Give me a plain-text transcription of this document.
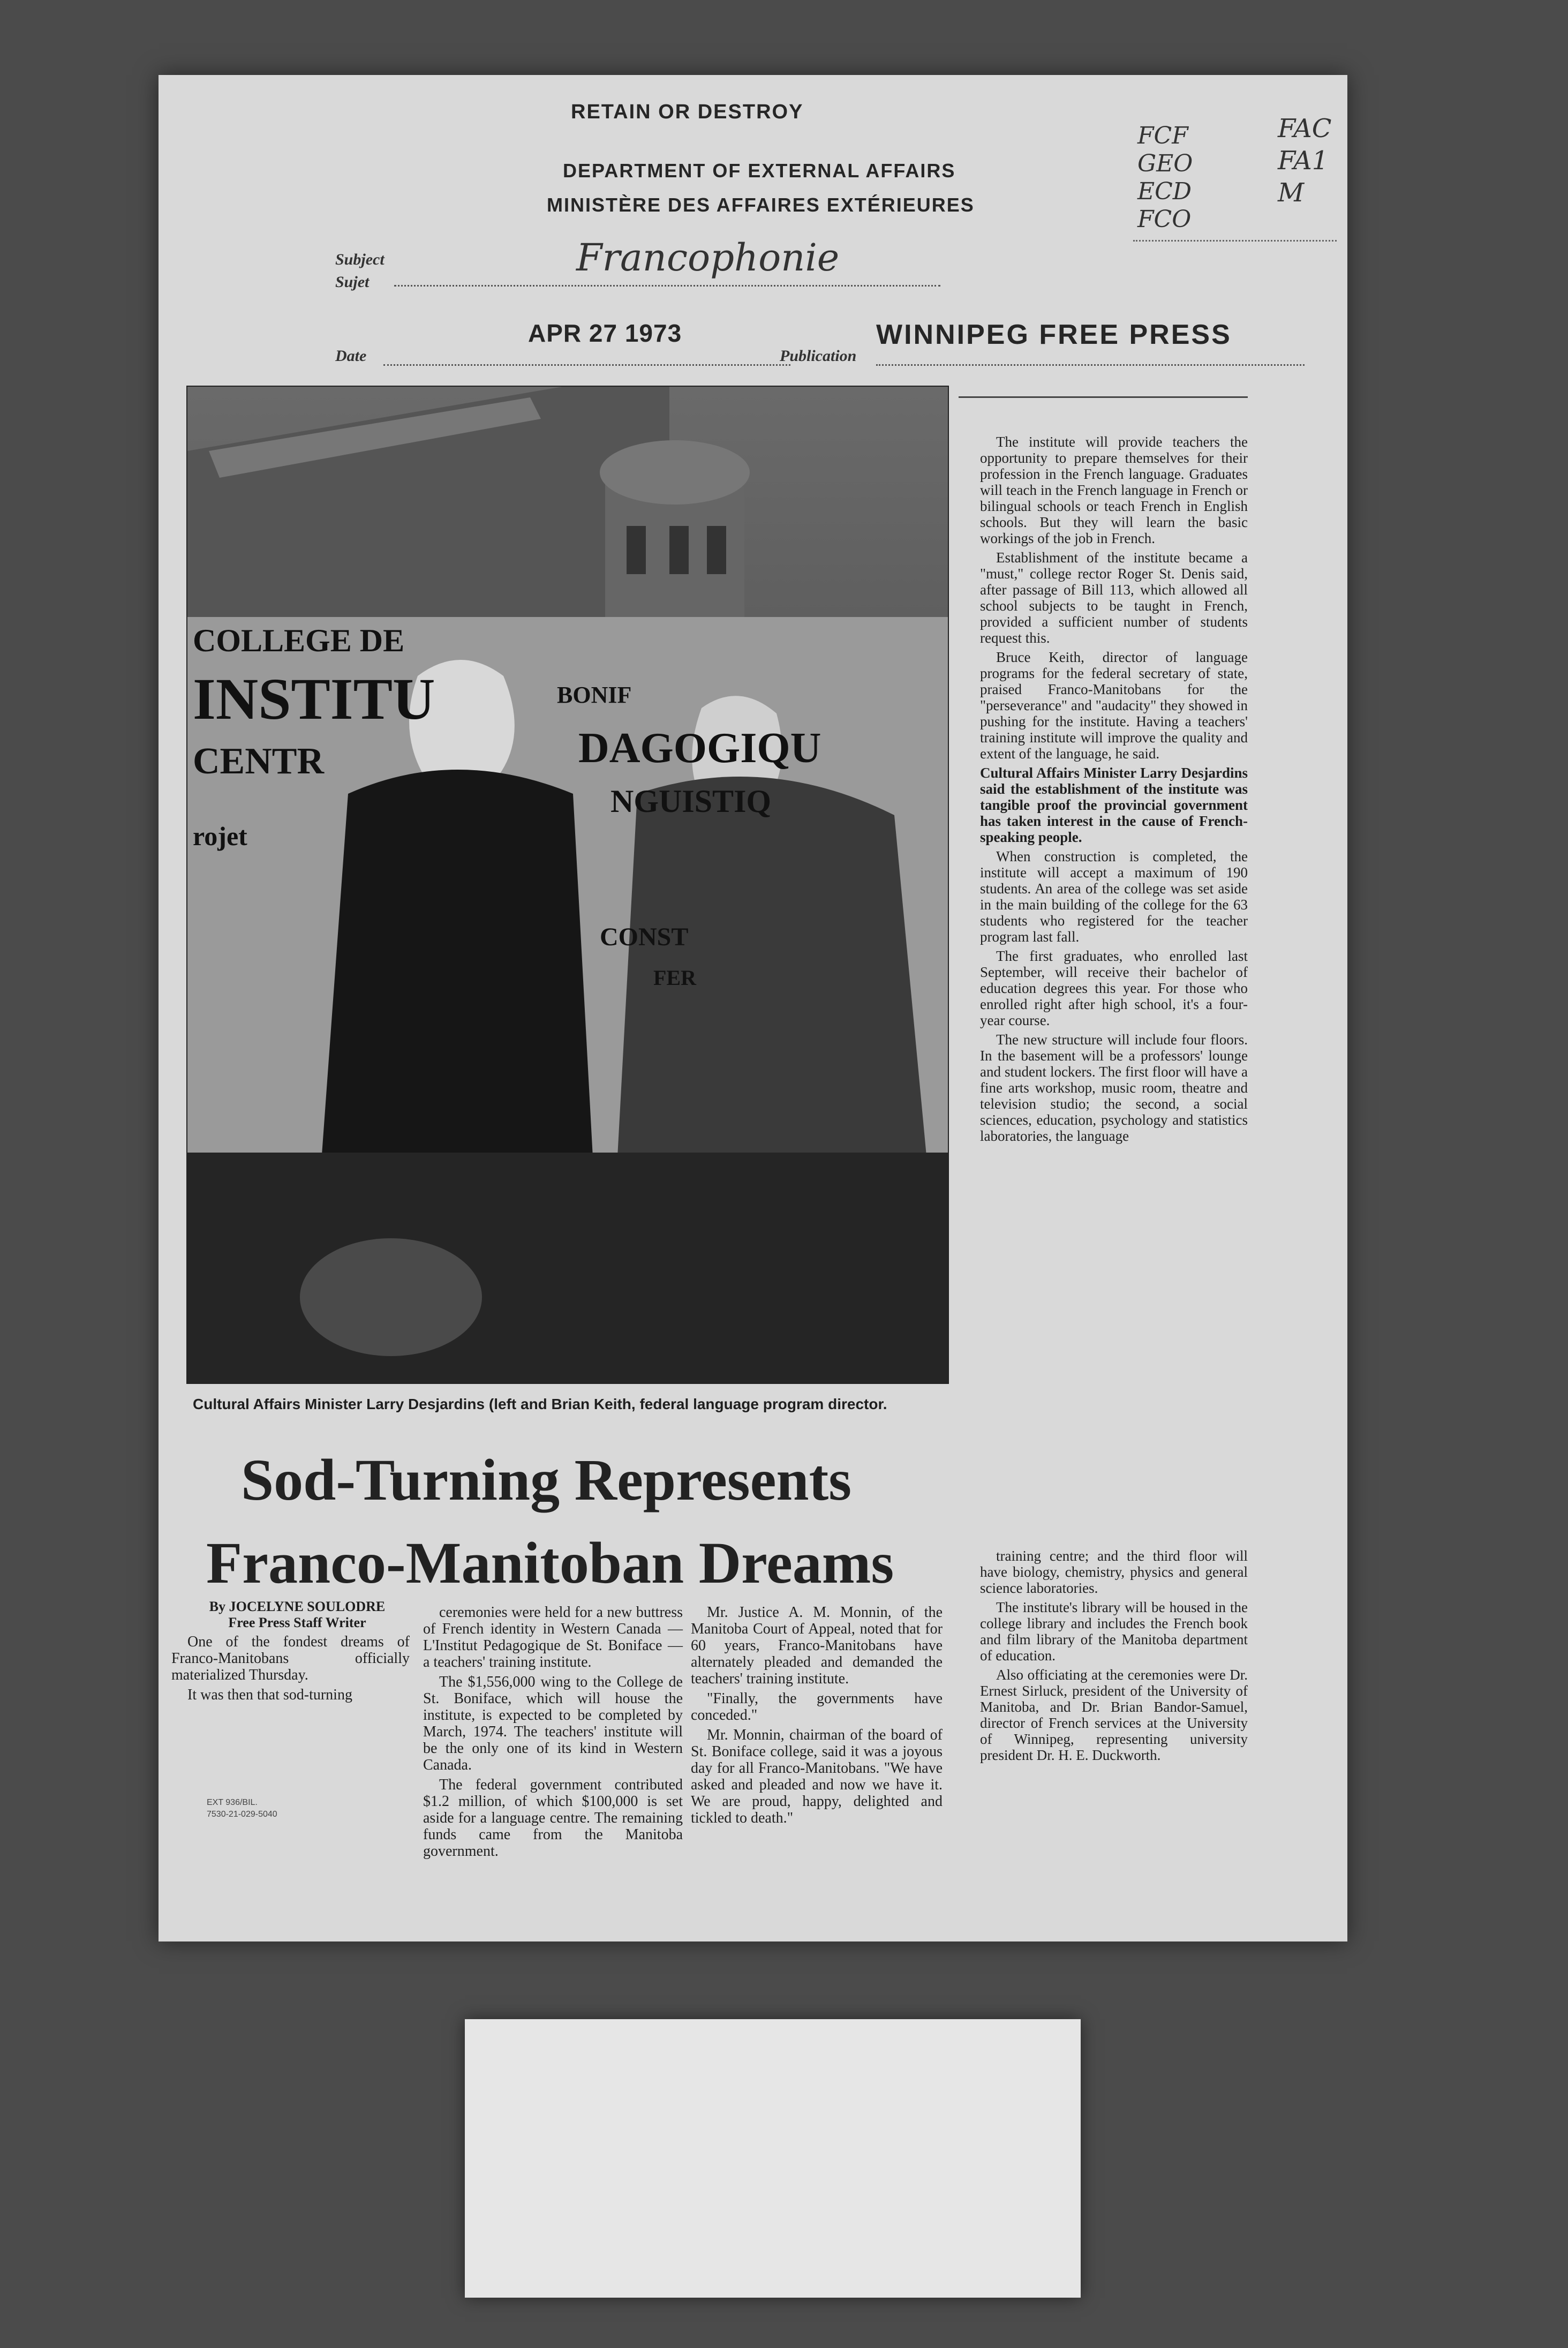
RETAIN OR DESTROY
DEPARTMENT OF EXTERNAL AFFAIRS
MINISTÈRE DES AFFAIRES EXTÉRIEURES
FCF
GEO
ECD
FCO
FAC
FA1
M
Subject
Sujet
Francophonie
APR 27 1973	WINNIPEG FREE PRESS
Date	Publication
EXT 936/BIL.
7530-21-029-5040
COLLEGE DE
INSTITU
CENTR
rojet
BONIF
DAGOGIQU
NGUISTIQ
CONST
FER
Cultural Affairs Minister Larry Desjardins (left and Brian Keith, federal language program director.
Sod-Turning Represents
Franco-Manitoban Dreams
By JOCELYNE SOULODRE
Free Press Staff Writer

One of the fondest dreams of Franco-Manitobans officially materialized Thursday.

It was then that sod-turning

ceremonies were held for a new buttress of French identity in Western Canada — L'Institut Pedagogique de St. Boniface — a teachers' training institute.

The $1,556,000 wing to the College de St. Boniface, which will house the institute, is expected to be completed by March, 1974. The teachers' institute will be the only one of its kind in Western Canada.

The federal government contributed $1.2 million, of which $100,000 is set aside for a language centre. The remaining funds came from the Manitoba government.

Mr. Justice A. M. Monnin, of the Manitoba Court of Appeal, noted that for 60 years, Franco-Manitobans have alternately pleaded and demanded the teachers' training institute.

"Finally, the governments have conceded."

Mr. Monnin, chairman of the board of St. Boniface college, said it was a joyous day for all Franco-Manitobans. "We have asked and pleaded and now we have it. We are proud, happy, delighted and tickled to death."

The institute will provide teachers the opportunity to prepare themselves for their profession in the French language. Graduates will teach in the French language in French or bilingual schools or teach French in English schools. But they will learn the basic workings of the job in French.

Establishment of the institute became a "must," college rector Roger St. Denis said, after passage of Bill 113, which allowed all school subjects to be taught in French, provided a sufficient number of students request this.

Bruce Keith, director of language programs for the federal secretary of state, praised Franco-Manitobans for the "perseverance" and "audacity" they showed in pushing for the institute. Having a teachers' training institute will improve the quality and extent of the language, he said.

Cultural Affairs Minister Larry Desjardins said the establishment of the institute was tangible proof the provincial government has taken interest in the cause of French-speaking people.

When construction is completed, the institute will accept a maximum of 190 students. An area of the college was set aside in the main building of the college for the 63 students who registered for the teacher program last fall.

The first graduates, who enrolled last September, will receive their bachelor of education degrees this year. For those who enrolled right after high school, it's a four-year course.

The new structure will include four floors. In the basement will be a professors' lounge and student lockers. The first floor will have a fine arts workshop, music room, theatre and television studio; the second, a social sciences, education, psychology and statistics laboratories, the language

training centre; and the third floor will have biology, chemistry, physics and general science laboratories.

The institute's library will be housed in the college library and includes the French book and film library of the Manitoba department of education.

Also officiating at the ceremonies were Dr. Ernest Sirluck, president of the University of Manitoba, and Dr. Brian Bandor-Samuel, director of French services at the University of Winnipeg, representing university president Dr. H. E. Duckworth.
